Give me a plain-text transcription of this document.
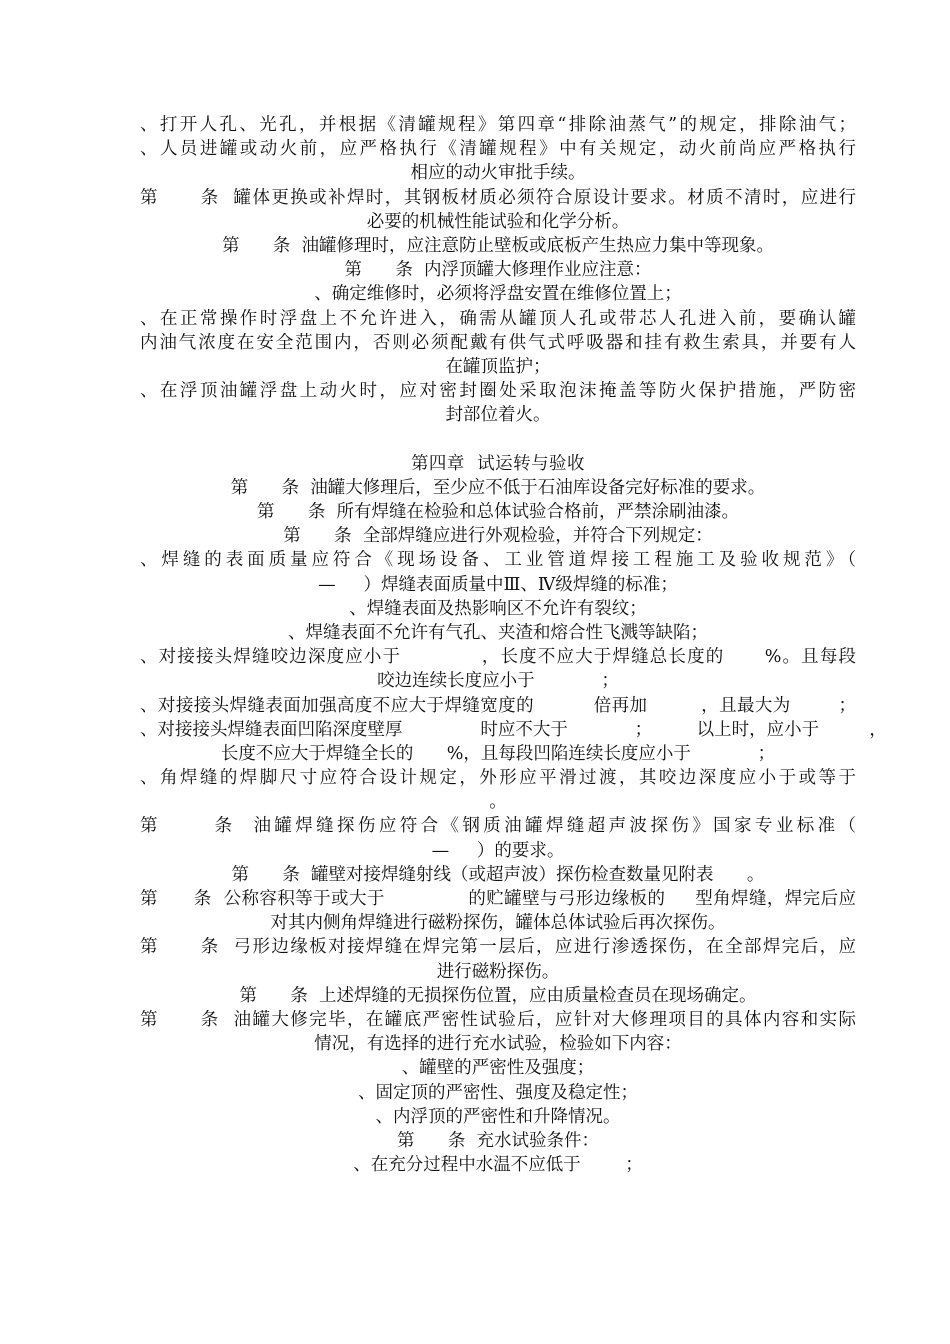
、打开人孔、光孔，并根据《清罐规程》第四章“排除油蒸气”的规定，排除油气；
、人员进罐或动火前，应严格执行《清罐规程》中有关规定，动火前尚应严格执行
相应的动火审批手续。
第      条  罐体更换或补焊时，其钢板材质必须符合原设计要求。材质不清时，应进行
必要的机械性能试验和化学分析。
第      条  油罐修理时，应注意防止壁板或底板产生热应力集中等现象。
第      条  内浮顶罐大修理作业应注意：
、确定维修时，必须将浮盘安置在维修位置上；
、在正常操作时浮盘上不允许进入，确需从罐顶人孔或带芯人孔进入前，要确认罐
内油气浓度在安全范围内，否则必须配戴有供气式呼吸器和挂有救生索具，并要有人
在罐顶监护；
、在浮顶油罐浮盘上动火时，应对密封圈处采取泡沫掩盖等防火保护措施，严防密
封部位着火。
第四章  试运转与验收
第      条  油罐大修理后，至少应不低于石油库设备完好标准的要求。
第      条  所有焊缝在检验和总体试验合格前，严禁涂刷油漆。
第      条  全部焊缝应进行外观检验，并符合下列规定：
、焊缝的表面质量应符合《现场设备、工业管道焊接工程施工及验收规范》（
—     ）焊缝表面质量中Ⅲ、Ⅳ级焊缝的标准；
、焊缝表面及热影响区不允许有裂纹；
、焊缝表面不允许有气孔、夹渣和熔合性飞溅等缺陷；
、对接接头焊缝咬边深度应小于            ，长度不应大于焊缝总长度的      %。且每段
咬边连续长度应小于            ；
、对接接头焊缝表面加强高度不应大于焊缝宽度的          倍再加         ，且最大为        ；
、对接接头焊缝表面凹陷深度壁厚              时应不大于            ；        以上时，应小于         ，
长度不应大于焊缝全长的      %，且每段凹陷连续长度应小于            ；
、角焊缝的焊脚尺寸应符合设计规定，外形应平滑过渡，其咬边深度应小于或等于
。
第      条  油罐焊缝探伤应符合《钢质油罐焊缝超声波探伤》国家专业标准（
—     ）的要求。
第      条  罐壁对接焊缝射线（或超声波）探伤检查数量见附表      。
第      条  公称容积等于或大于              的贮罐壁与弓形边缘板的     型角焊缝，焊完后应
对其内侧角焊缝进行磁粉探伤，罐体总体试验后再次探伤。
第      条  弓形边缘板对接焊缝在焊完第一层后，应进行渗透探伤，在全部焊完后，应
进行磁粉探伤。
第      条  上述焊缝的无损探伤位置，应由质量检查员在现场确定。
第      条  油罐大修完毕，在罐底严密性试验后，应针对大修理项目的具体内容和实际
情况，有选择的进行充水试验，检验如下内容：
、罐壁的严密性及强度；
、固定顶的严密性、强度及稳定性；
、内浮顶的严密性和升降情况。
第      条  充水试验条件：
、在充分过程中水温不应低于        ；
